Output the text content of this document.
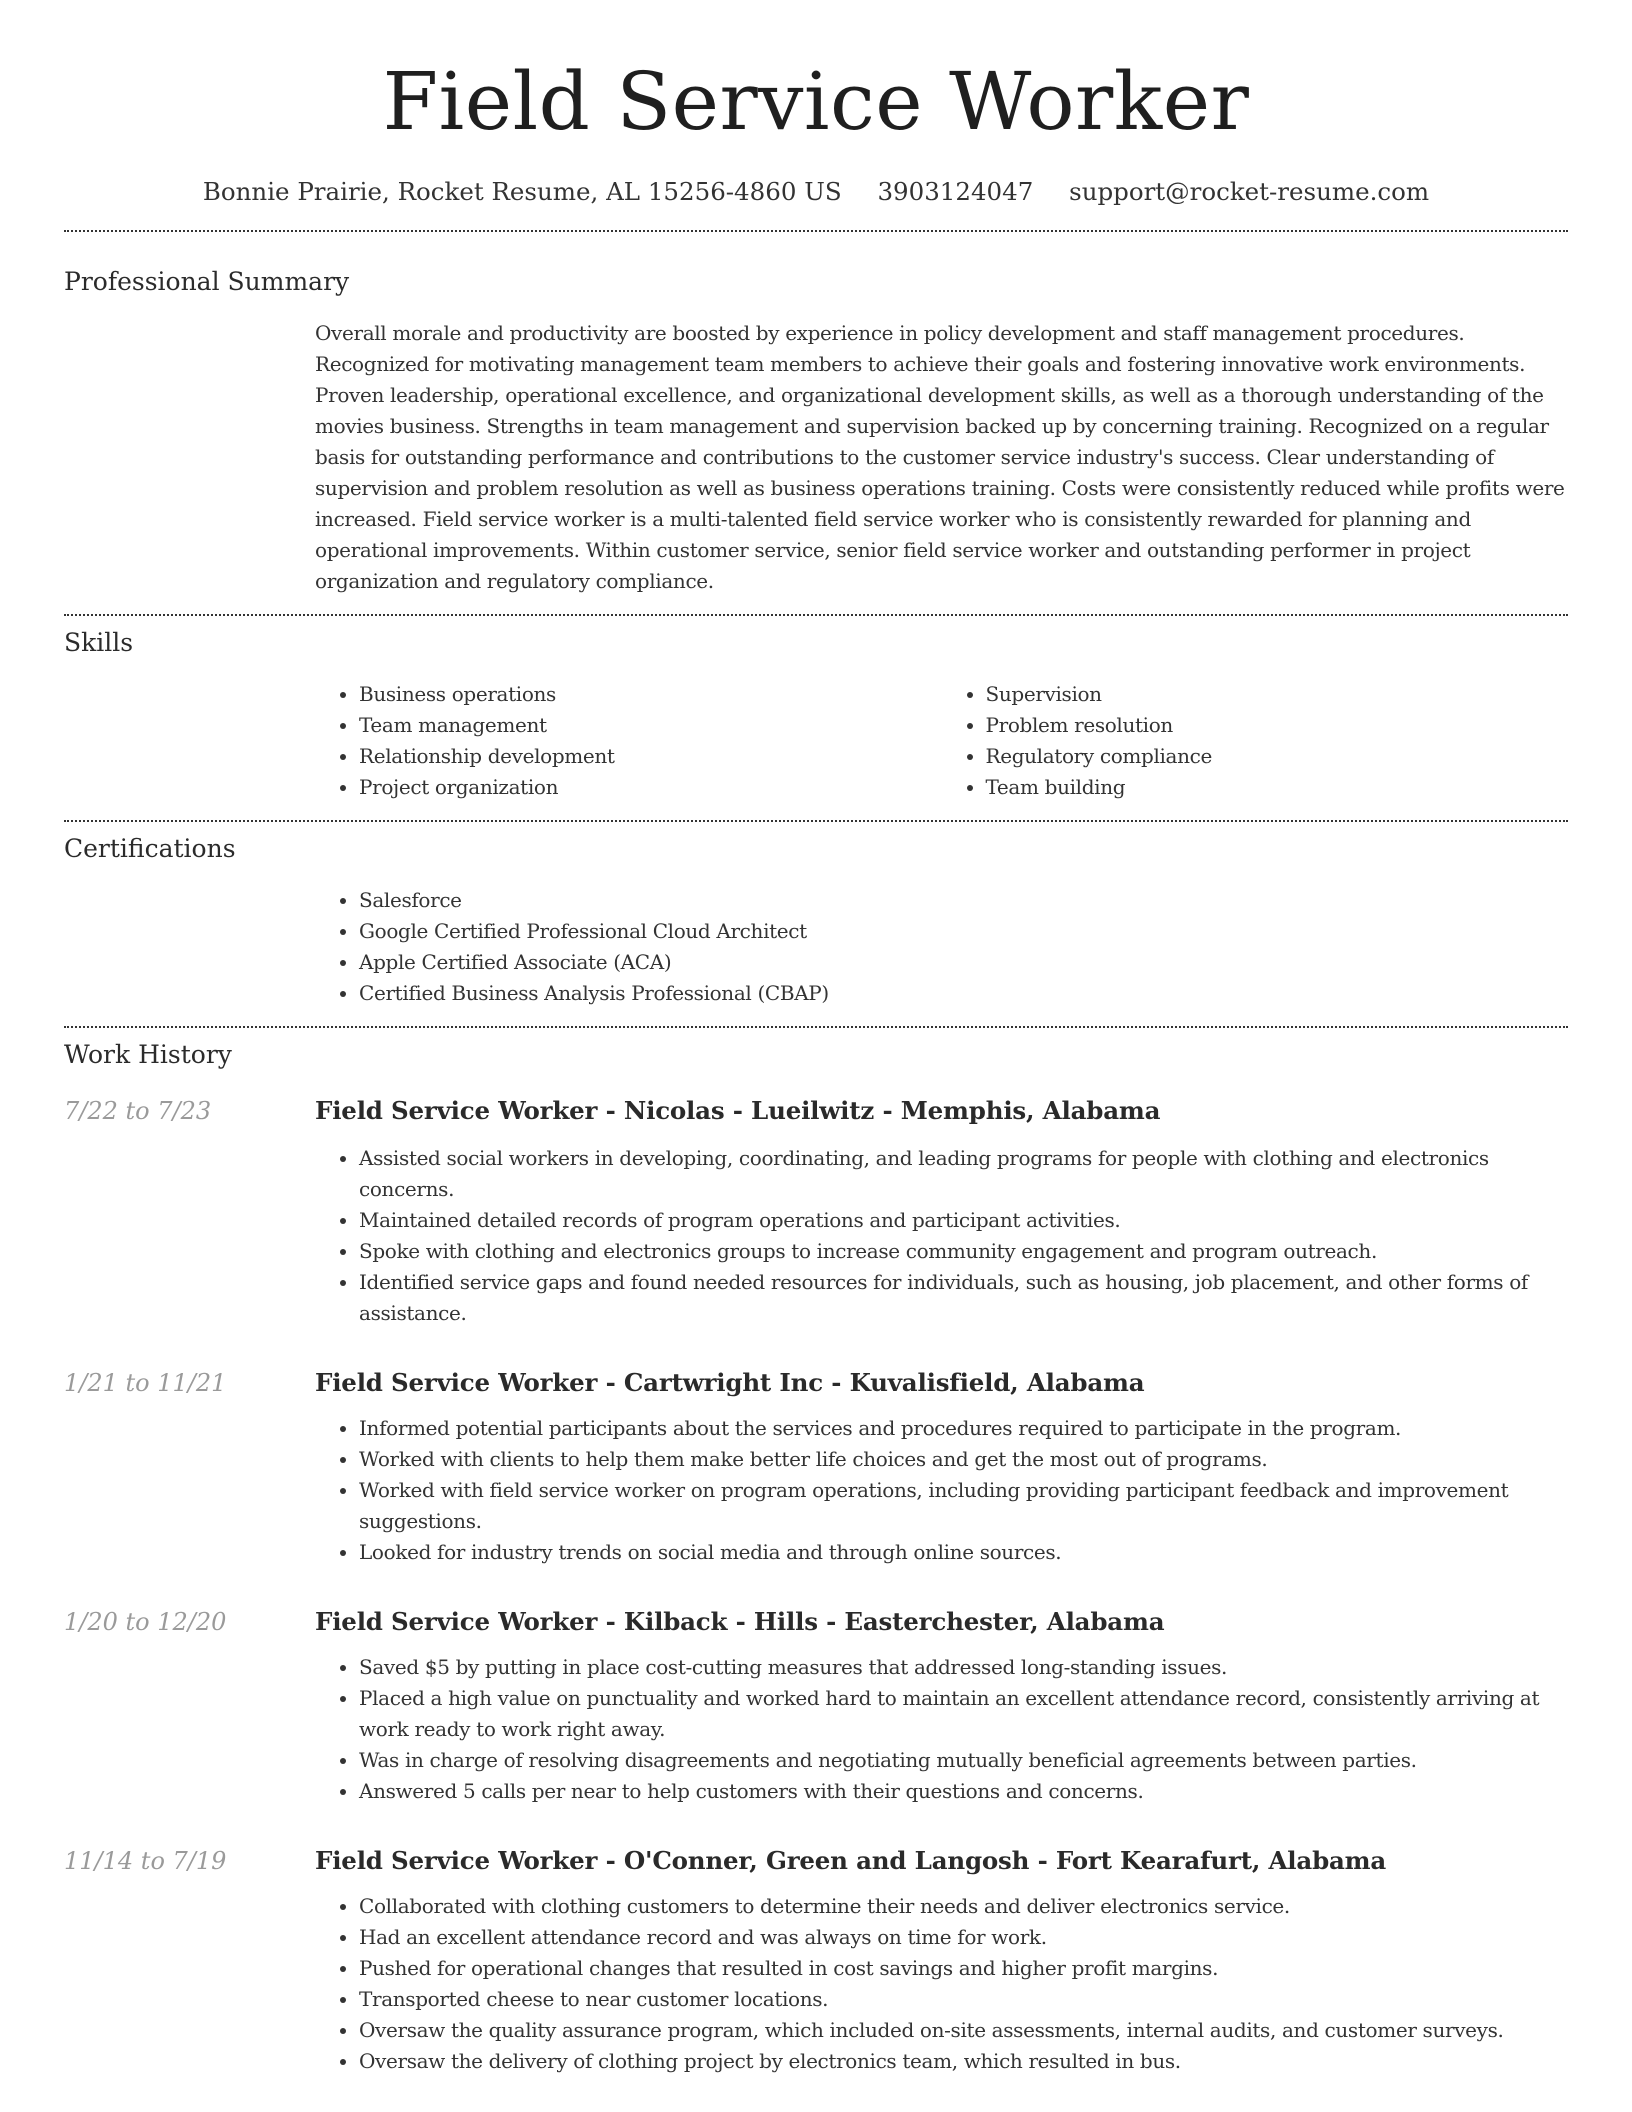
Field Service Worker
Bonnie Prairie, Rocket Resume, AL 15256-4860 US 3903124047 support@rocket-resume.com
Professional Summary

Overall morale and productivity are boosted by experience in policy development and staff management procedures. Recognized for motivating management team members to achieve their goals and fostering innovative work environments. Proven leadership, operational excellence, and organizational development skills, as well as a thorough understanding of the movies business. Strengths in team management and supervision backed up by concerning training. Recognized on a regular basis for outstanding performance and contributions to the customer service industry's success. Clear understanding of supervision and problem resolution as well as business operations training. Costs were consistently reduced while profits were increased. Field service worker is a multi-talented field service worker who is consistently rewarded for planning and operational improvements. Within customer service, senior field service worker and outstanding performer in project organization and regulatory compliance.

Skills
• Business operations
• Team management
• Relationship development
• Project organization
• Supervision
• Problem resolution
• Regulatory compliance
• Team building
Certifications
• Salesforce
• Google Certified Professional Cloud Architect
• Apple Certified Associate (ACA)
• Certified Business Analysis Professional (CBAP)
Work History
7/22 to 7/23	Field Service Worker - Nicolas - Lueilwitz - Memphis, Alabama
• Assisted social workers in developing, coordinating, and leading programs for people with clothing and electronics concerns.
• Maintained detailed records of program operations and participant activities.
• Spoke with clothing and electronics groups to increase community engagement and program outreach.
• Identified service gaps and found needed resources for individuals, such as housing, job placement, and other forms of assistance.
1/21 to 11/21	Field Service Worker - Cartwright Inc - Kuvalisfield, Alabama
• Informed potential participants about the services and procedures required to participate in the program.
• Worked with clients to help them make better life choices and get the most out of programs.
• Worked with field service worker on program operations, including providing participant feedback and improvement suggestions.
• Looked for industry trends on social media and through online sources.
1/20 to 12/20	Field Service Worker - Kilback - Hills - Easterchester, Alabama
• Saved $5 by putting in place cost-cutting measures that addressed long-standing issues.
• Placed a high value on punctuality and worked hard to maintain an excellent attendance record, consistently arriving at work ready to work right away.
• Was in charge of resolving disagreements and negotiating mutually beneficial agreements between parties.
• Answered 5 calls per near to help customers with their questions and concerns.
11/14 to 7/19	Field Service Worker - O'Conner, Green and Langosh - Fort Kearafurt, Alabama
• Collaborated with clothing customers to determine their needs and deliver electronics service.
• Had an excellent attendance record and was always on time for work.
• Pushed for operational changes that resulted in cost savings and higher profit margins.
• Transported cheese to near customer locations.
• Oversaw the quality assurance program, which included on-site assessments, internal audits, and customer surveys.
• Oversaw the delivery of clothing project by electronics team, which resulted in bus.
